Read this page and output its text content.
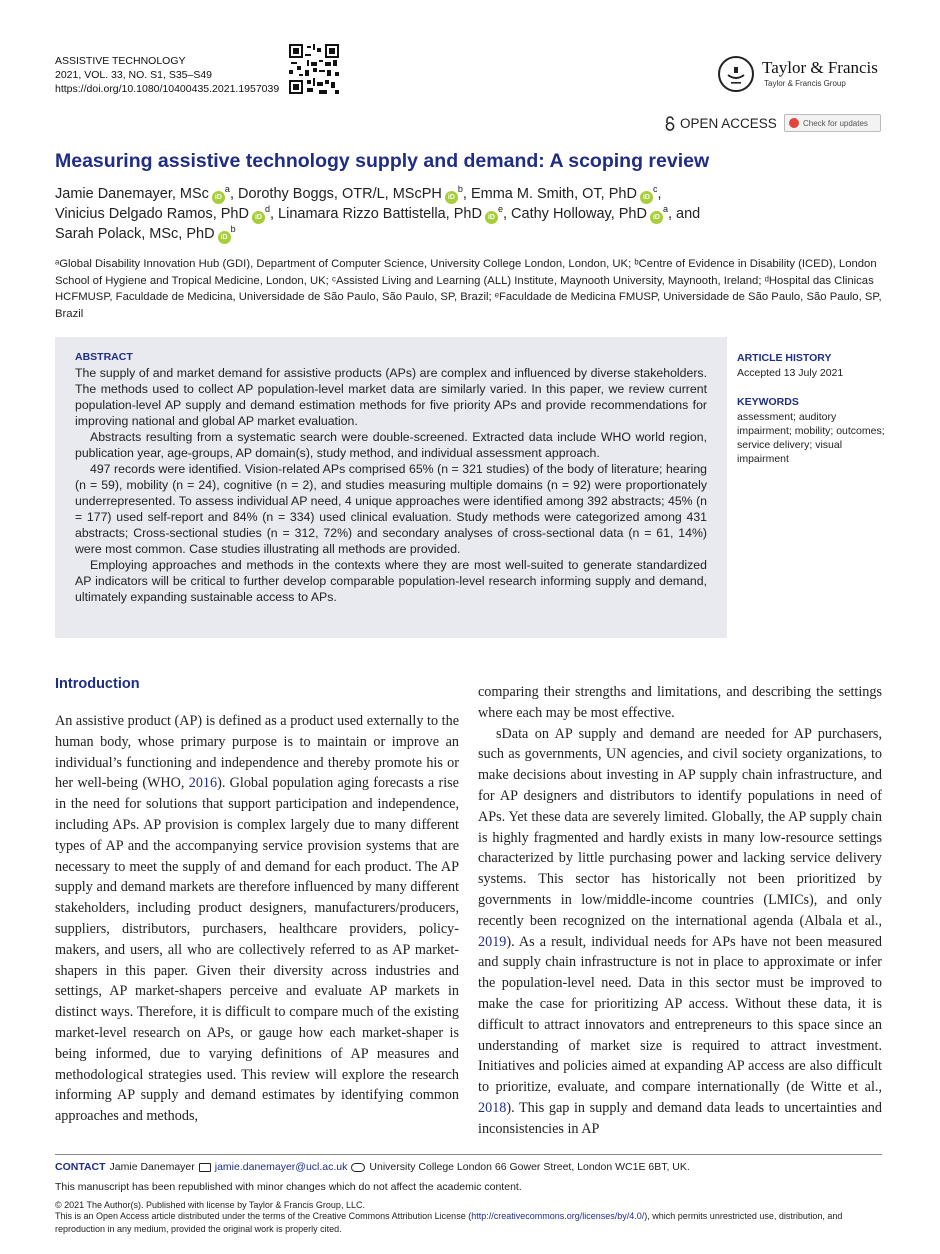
ASSISTIVE TECHNOLOGY
2021, VOL. 33, NO. S1, S35–S49
https://doi.org/10.1080/10400435.2021.1957039
Taylor & Francis
Taylor & Francis Group
OPEN ACCESS	Check for updates
Measuring assistive technology supply and demand: A scoping review
Jamie Danemayer, MSc $iD^a$, Dorothy Boggs, OTR/L, MScPH $iD^b$, Emma M. Smith, OT, PhD $iD^c$,
Vinicius Delgado Ramos, PhD $iD^d$, Linamara Rizzo Battistella, PhD $iD^e$, Cathy Holloway, PhD $iD^a$, and
Sarah Polack, MSc, PhD $iD^b$
ᵃGlobal Disability Innovation Hub (GDI), Department of Computer Science, University College London, London, UK; ᵇCentre of Evidence in Disability (ICED), London School of Hygiene and Tropical Medicine, London, UK; ᶜAssisted Living and Learning (ALL) Institute, Maynooth University, Maynooth, Ireland; ᵈHospital das Clinicas HCFMUSP, Faculdade de Medicina, Universidade de São Paulo, São Paulo, SP, Brazil; ᵉFaculdade de Medicina FMUSP, Universidade de São Paulo, São Paulo, SP, Brazil
ABSTRACT

The supply of and market demand for assistive products (APs) are complex and influenced by diverse stakeholders. The methods used to collect AP population-level market data are similarly varied. In this paper, we review current population-level AP supply and demand estimation methods for five priority APs and provide recommendations for improving national and global AP market evaluation.

Abstracts resulting from a systematic search were double-screened. Extracted data include WHO world region, publication year, age-groups, AP domain(s), study method, and individual assessment approach.

497 records were identified. Vision-related APs comprised 65% (n = 321 studies) of the body of literature; hearing (n = 59), mobility (n = 24), cognitive (n = 2), and studies measuring multiple domains (n = 92) were proportionately underrepresented. To assess individual AP need, 4 unique approaches were identified among 392 abstracts; 45% (n = 177) used self-report and 84% (n = 334) used clinical evaluation. Study methods were categorized among 431 abstracts; Cross-sectional studies (n = 312, 72%) and secondary analyses of cross-sectional data (n = 61, 14%) were most common. Case studies illustrating all methods are provided.

Employing approaches and methods in the contexts where they are most well-suited to generate standardized AP indicators will be critical to further develop comparable population-level research informing supply and demand, ultimately expanding sustainable access to APs.

ARTICLE HISTORY
Accepted 13 July 2021
KEYWORDS
assessment; auditory impairment; mobility; outcomes; service delivery; visual impairment
Introduction

An assistive product (AP) is defined as a product used externally to the human body, whose primary purpose is to maintain or improve an individual’s functioning and independence and thereby promote his or her well-being (WHO, 2016). Global population aging forecasts a rise in the need for solutions that support participation and independence, including APs. AP provision is complex largely due to many different types of AP and the accompanying service provision systems that are necessary to meet the supply of and demand for each product. The AP supply and demand markets are therefore influenced by many different stakeholders, including product designers, manufacturers/producers, suppliers, distributors, purchasers, healthcare providers, policy-makers, and users, all who are collectively referred to as AP market-shapers in this paper. Given their diversity across industries and settings, AP market-shapers perceive and evaluate AP markets in distinct ways. Therefore, it is difficult to compare much of the existing market-level research on APs, or gauge how each market-shaper is being informed, due to varying definitions of AP measures and methodological strategies used. This review will explore the research informing AP supply and demand estimates by identifying common approaches and methods,

comparing their strengths and limitations, and describing the settings where each may be most effective.

sData on AP supply and demand are needed for AP purchasers, such as governments, UN agencies, and civil society organizations, to make decisions about investing in AP supply chain infrastructure, and for AP designers and distributors to identify populations in need of APs. Yet these data are severely limited. Globally, the AP supply chain is highly fragmented and hardly exists in many low-resource settings characterized by little purchasing power and lacking service delivery systems. This sector has historically not been prioritized by governments in low/middle-income countries (LMICs), and only recently been recognized on the international agenda (Albala et al., 2019). As a result, individual needs for APs have not been measured and supply chain infrastructure is not in place to approximate or infer the population-level need. Data in this sector must be improved to make the case for prioritizing AP access. Without these data, it is difficult to attract innovators and entrepreneurs to this space since an understanding of market size is required to attract investment. Initiatives and policies aimed at expanding AP access are also difficult to prioritize, evaluate, and compare internationally (de Witte et al., 2018). This gap in supply and demand data leads to uncertainties and inconsistencies in AP

CONTACT Jamie Danemayer jamie.danemayer@ucl.ac.uk University College London 66 Gower Street, London WC1E 6BT, UK.
This manuscript has been republished with minor changes which do not affect the academic content.
© 2021 The Author(s). Published with license by Taylor & Francis Group, LLC.
This is an Open Access article distributed under the terms of the Creative Commons Attribution License (http://creativecommons.org/licenses/by/4.0/), which permits unrestricted use, distribution, and reproduction in any medium, provided the original work is properly cited.
